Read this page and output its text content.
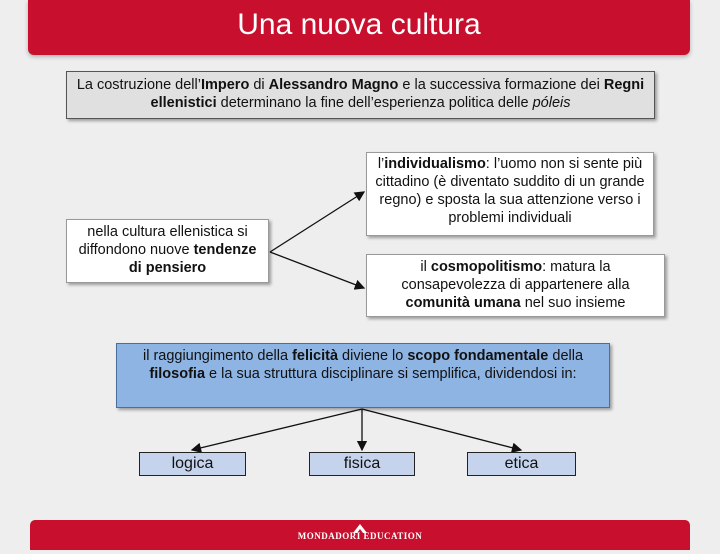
Una nuova cultura
La costruzione dell’Impero di Alessandro Magno e la successiva formazione dei Regni ellenistici determinano la fine dell’esperienza politica delle póleis
nella cultura ellenistica si diffondono nuove tendenze di pensiero
l’individualismo: l’uomo non si sente più cittadino (è diventato suddito di un grande regno) e sposta la sua attenzione verso i problemi individuali
il cosmopolitismo: matura la consapevolezza di appartenere alla comunità umana nel suo insieme
il raggiungimento della felicità diviene lo scopo fondamentale della filosofia e la sua struttura disciplinare si semplifica, dividendosi in:
logica	fisica	etica
MONDADORI EDUCATION
